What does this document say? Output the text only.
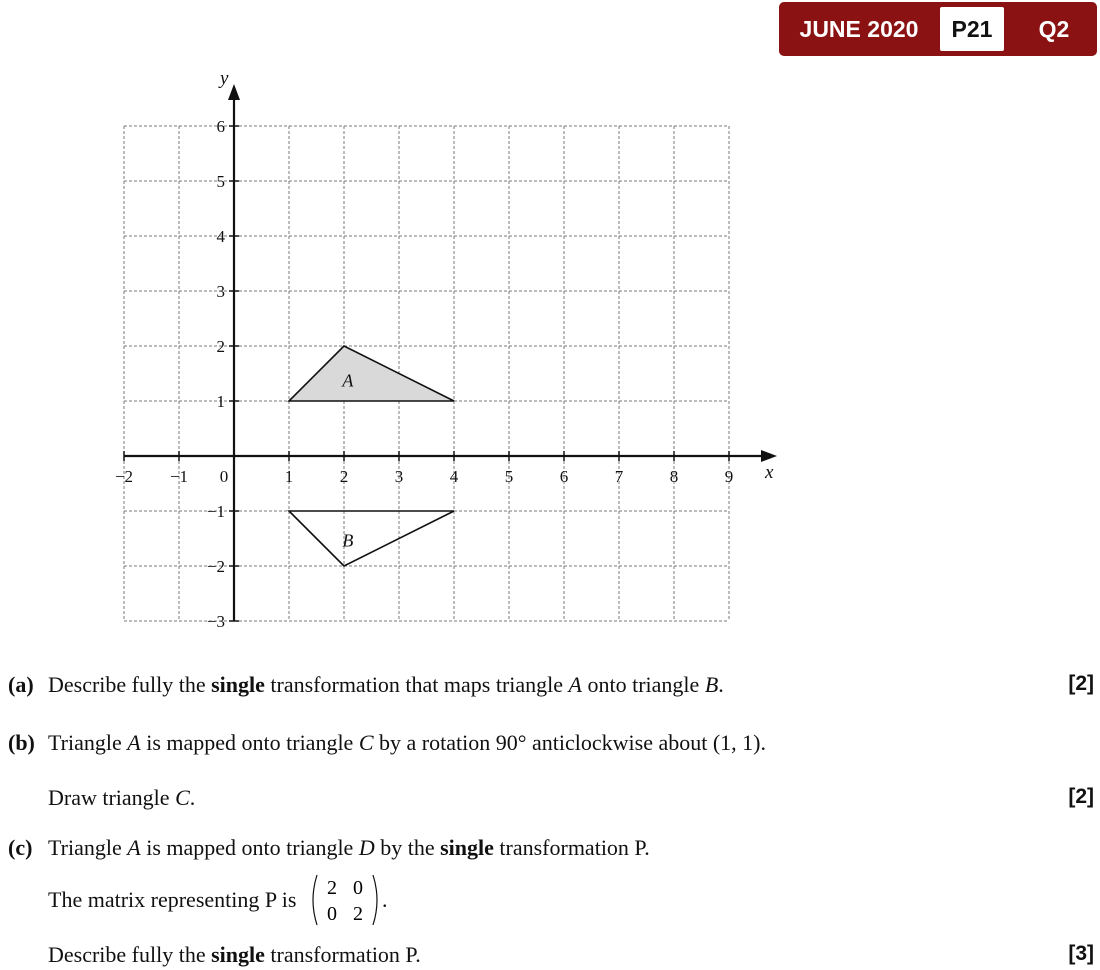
JUNE 2020	P21	Q2
A
B
x
y
−2 −1 0	1	2	3	4	5	6	7	8	9
6
5
4
3
2
1
−1
−2
−3
(a) Describe fully the single transformation that maps triangle A onto triangle B.	[2]
(b) Triangle A is mapped onto triangle C by a rotation 90° anticlockwise about (1, 1).
Draw triangle C.	[2]
(c) Triangle A is mapped onto triangle D by the single transformation P.
The matrix representing P is 2 0
0 2
.
Describe fully the single transformation P.	[3]
